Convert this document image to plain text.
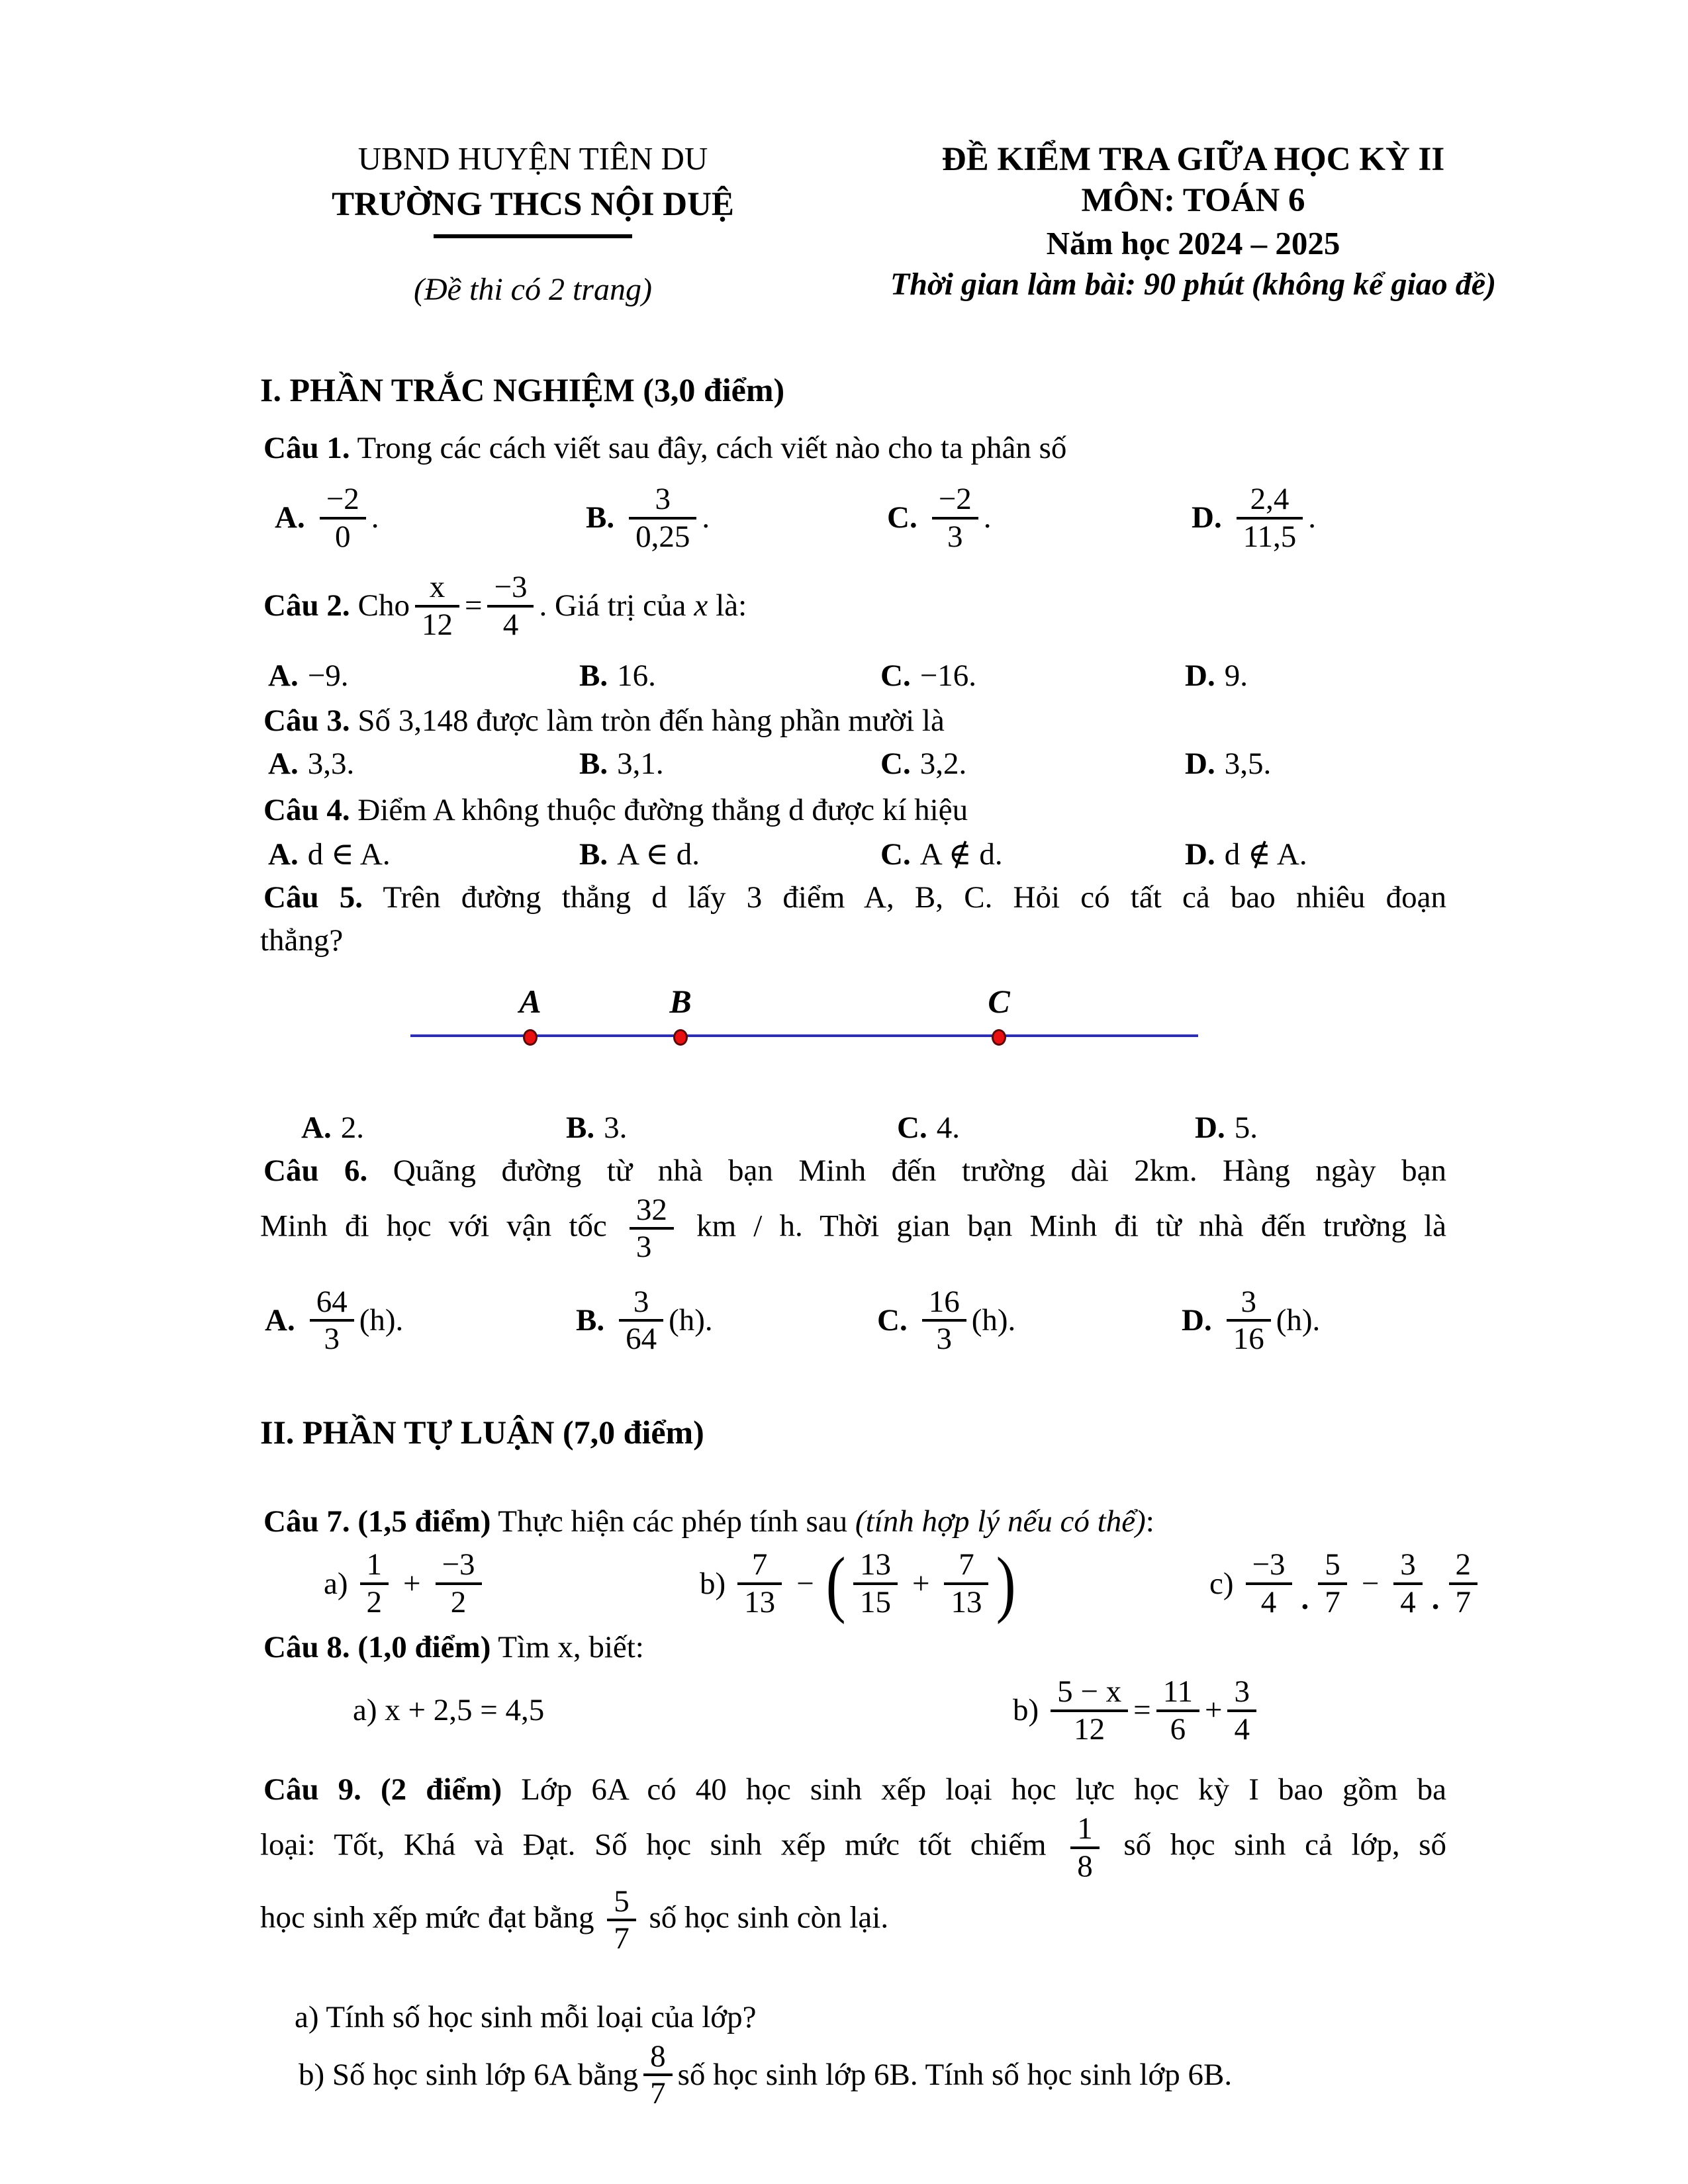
UBND HUYỆN TIÊN DU
TRƯỜNG THCS NỘI DUỆ
(Đề thi có 2 trang)
ĐỀ KIỂM TRA GIỮA HỌC KỲ II
MÔN: TOÁN 6
Năm học 2024 – 2025
Thời gian làm bài: 90 phút (không kể giao đề)
I. PHẦN TRẮC NGHIỆM (3,0 điểm)
Câu 1. Trong các cách viết sau đây, cách viết nào cho ta phân số
A. $\frac{-2}{0}$ .	B. $\frac{3}{0,25}$ .	C. $\frac{-2}{3}$ .	D. $\frac{2,4}{11,5}$ .
Câu 2. Cho $\frac{x}{12} = \frac{-3}{4}$ . Giá trị của x là:
A. −9.	B. 16.	C. −16.	D. 9.
Câu 3. Số 3,148 được làm tròn đến hàng phần mười là
A. 3,3.	B. 3,1.	C. 3,2.	D. 3,5.
Câu 4. Điểm A không thuộc đường thẳng d được kí hiệu
A. d ∈ A.	B. A ∈ d.	C. A ∉ d.	D. d ∉ A.
Câu 5. Trên đường thẳng d lấy 3 điểm A, B, C. Hỏi có tất cả bao nhiêu đoạn
thẳng?
A	B	C
A. 2.	B. 3.	C. 4.	D. 5.
Câu 6. Quãng đường từ nhà bạn Minh đến trường dài 2km. Hàng ngày bạn
Minh đi học với vận tốc $\frac{32}{3}$ km / h. Thời gian bạn Minh đi từ nhà đến trường là
A. $\frac{64}{3} (h)$.	B. $\frac{3}{64} (h)$.	C. $\frac{16}{3} (h)$.	D. $\frac{3}{16} (h)$.
II. PHẦN TỰ LUẬN (7,0 điểm)
Câu 7. (1,5 điểm) Thực hiện các phép tính sau (tính hợp lý nếu có thể):
$a) \frac{1}{2} + \frac{-3}{2}$	$b) \frac{7}{13}$ − ( $\frac{13}{15} + \frac{7}{13}$ )	$c) \frac{-3}{4}$ . $\frac{5}{7} - \frac{3}{4}$ . $\frac{2}{7}$
Câu 8. (1,0 điểm) Tìm x, biết:
a) x + 2,5 = 4,5	$b) \frac{5 - x}{12} = \frac{11}{6} + \frac{3}{4}$
Câu 9. (2 điểm) Lớp 6A có 40 học sinh xếp loại học lực học kỳ I bao gồm ba
loại: Tốt, Khá và Đạt. Số học sinh xếp mức tốt chiếm $\frac{1}{8}$ số học sinh cả lớp, số
học sinh xếp mức đạt bằng $\frac{5}{7}$ số học sinh còn lại.
a) Tính số học sinh mỗi loại của lớp?
b) Số học sinh lớp 6A bằng $\frac{8}{7}$ số học sinh lớp 6B. Tính số học sinh lớp 6B.
